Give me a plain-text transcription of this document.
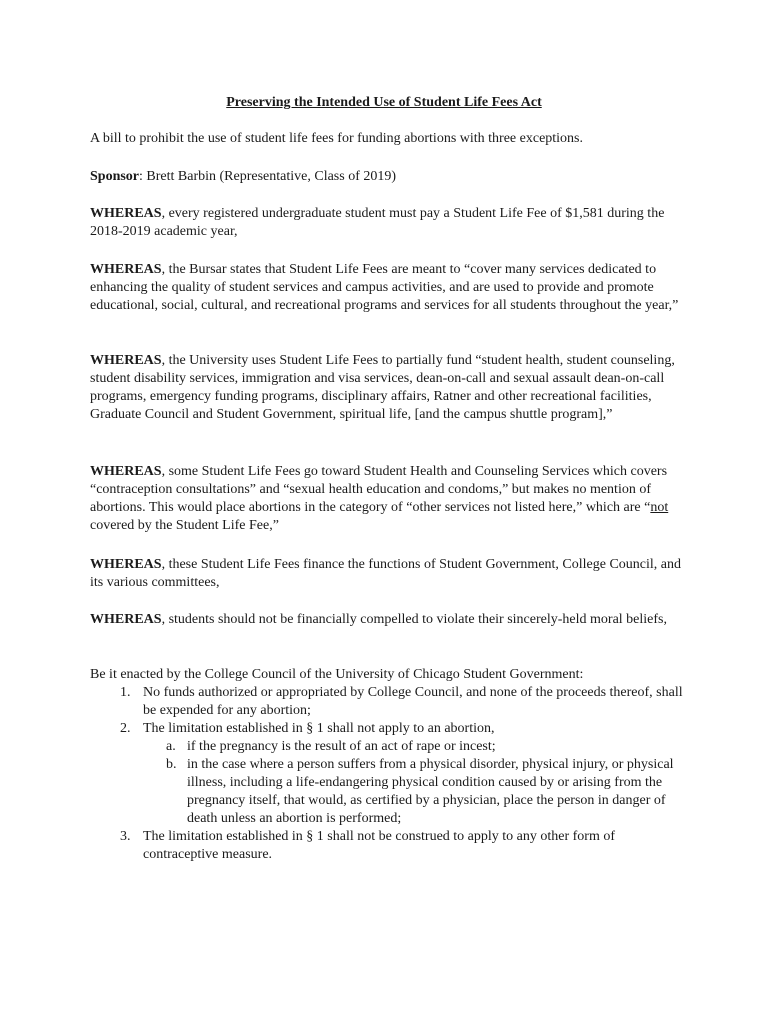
Preserving the Intended Use of Student Life Fees Act
A bill to prohibit the use of student life fees for funding abortions with three exceptions.
Sponsor: Brett Barbin (Representative, Class of 2019)
WHEREAS, every registered undergraduate student must pay a Student Life Fee of $1,581 during the 2018-2019 academic year,
WHEREAS, the Bursar states that Student Life Fees are meant to “cover many services dedicated to enhancing the quality of student services and campus activities, and are used to provide and promote educational, social, cultural, and recreational programs and services for all students throughout the year,”
WHEREAS, the University uses Student Life Fees to partially fund “student health, student counseling, student disability services, immigration and visa services, dean-on-call and sexual assault dean-on-call programs, emergency funding programs, disciplinary affairs, Ratner and other recreational facilities, Graduate Council and Student Government, spiritual life, [and the campus shuttle program],”
WHEREAS, some Student Life Fees go toward Student Health and Counseling Services which covers “contraception consultations” and “sexual health education and condoms,” but makes no mention of abortions. This would place abortions in the category of “other services not listed here,” which are “not covered by the Student Life Fee,”
WHEREAS, these Student Life Fees finance the functions of Student Government, College Council, and its various committees,
WHEREAS, students should not be financially compelled to violate their sincerely-held moral beliefs,
Be it enacted by the College Council of the University of Chicago Student Government:
1. No funds authorized or appropriated by College Council, and none of the proceeds thereof, shall be expended for any abortion;
2. The limitation established in § 1 shall not apply to an abortion,
a. if the pregnancy is the result of an act of rape or incest;
b. in the case where a person suffers from a physical disorder, physical injury, or physical illness, including a life-endangering physical condition caused by or arising from the pregnancy itself, that would, as certified by a physician, place the person in danger of death unless an abortion is performed;
3. The limitation established in § 1 shall not be construed to apply to any other form of contraceptive measure.
